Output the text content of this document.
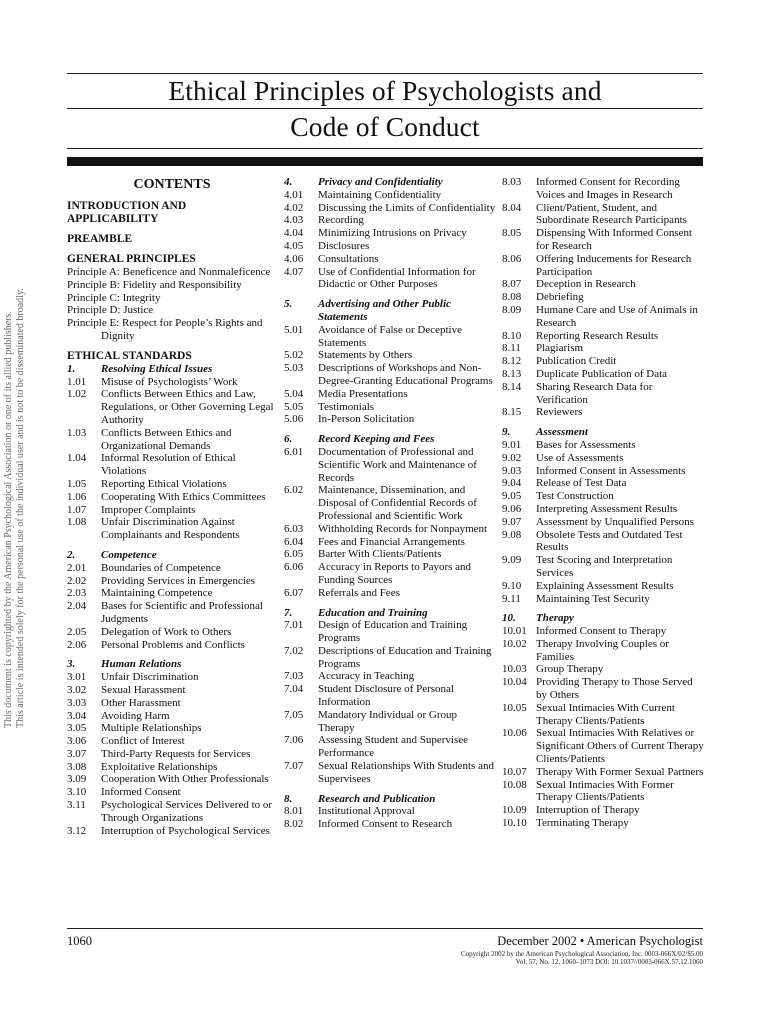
This document is copyrighted by the American Psychological Association or one of its allied publishers. This article is intended solely for the personal use of the individual user and is not to be disseminated broadly.
Ethical Principles of Psychologists and
Code of Conduct
CONTENTS
INTRODUCTION AND APPLICABILITY
PREAMBLE
GENERAL PRINCIPLES
Principle A: Beneficence and Nonmaleficence
Principle B: Fidelity and Responsibility
Principle C: Integrity
Principle D: Justice
Principle E: Respect for People’s Rights and Dignity
ETHICAL STANDARDS
1.	Resolving Ethical Issues
1.01	Misuse of Psychologists’ Work
1.02	Conflicts Between Ethics and Law, Regulations, or Other Governing Legal Authority
1.03	Conflicts Between Ethics and Organizational Demands
1.04	Informal Resolution of Ethical Violations
1.05	Reporting Ethical Violations
1.06	Cooperating With Ethics Committees
1.07	Improper Complaints
1.08	Unfair Discrimination Against Complainants and Respondents
2.	Competence
2.01	Boundaries of Competence
2.02	Providing Services in Emergencies
2.03	Maintaining Competence
2.04	Bases for Scientific and Professional Judgments
2.05	Delegation of Work to Others
2.06	Personal Problems and Conflicts
3.	Human Relations
3.01	Unfair Discrimination
3.02	Sexual Harassment
3.03	Other Harassment
3.04	Avoiding Harm
3.05	Multiple Relationships
3.06	Conflict of Interest
3.07	Third-Party Requests for Services
3.08	Exploitative Relationships
3.09	Cooperation With Other Professionals
3.10	Informed Consent
3.11	Psychological Services Delivered to or Through Organizations
3.12	Interruption of Psychological Services
4.	Privacy and Confidentiality
4.01	Maintaining Confidentiality
4.02	Discussing the Limits of Confidentiality
4.03	Recording
4.04	Minimizing Intrusions on Privacy
4.05	Disclosures
4.06	Consultations
4.07	Use of Confidential Information for Didactic or Other Purposes
5.	Advertising and Other Public Statements
5.01	Avoidance of False or Deceptive Statements
5.02	Statements by Others
5.03	Descriptions of Workshops and Non-Degree-Granting Educational Programs
5.04	Media Presentations
5.05	Testimonials
5.06	In-Person Solicitation
6.	Record Keeping and Fees
6.01	Documentation of Professional and Scientific Work and Maintenance of Records
6.02	Maintenance, Dissemination, and Disposal of Confidential Records of Professional and Scientific Work
6.03	Withholding Records for Nonpayment
6.04	Fees and Financial Arrangements
6.05	Barter With Clients/Patients
6.06	Accuracy in Reports to Payors and Funding Sources
6.07	Referrals and Fees
7.	Education and Training
7.01	Design of Education and Training Programs
7.02	Descriptions of Education and Training Programs
7.03	Accuracy in Teaching
7.04	Student Disclosure of Personal Information
7.05	Mandatory Individual or Group Therapy
7.06	Assessing Student and Supervisee Performance
7.07	Sexual Relationships With Students and Supervisees
8.	Research and Publication
8.01	Institutional Approval
8.02	Informed Consent to Research
8.03	Informed Consent for Recording Voices and Images in Research
8.04	Client/Patient, Student, and Subordinate Research Participants
8.05	Dispensing With Informed Consent for Research
8.06	Offering Inducements for Research Participation
8.07	Deception in Research
8.08	Debriefing
8.09	Humane Care and Use of Animals in Research
8.10	Reporting Research Results
8.11	Plagiarism
8.12	Publication Credit
8.13	Duplicate Publication of Data
8.14	Sharing Research Data for Verification
8.15	Reviewers
9.	Assessment
9.01	Bases for Assessments
9.02	Use of Assessments
9.03	Informed Consent in Assessments
9.04	Release of Test Data
9.05	Test Construction
9.06	Interpreting Assessment Results
9.07	Assessment by Unqualified Persons
9.08	Obsolete Tests and Outdated Test Results
9.09	Test Scoring and Interpretation Services
9.10	Explaining Assessment Results
9.11	Maintaining Test Security
10.	Therapy
10.01 Informed Consent to Therapy
10.02 Therapy Involving Couples or Families
10.03 Group Therapy
10.04 Providing Therapy to Those Served by Others
10.05 Sexual Intimacies With Current Therapy Clients/Patients
10.06 Sexual Intimacies With Relatives or Significant Others of Current Therapy Clients/Patients
10.07 Therapy With Former Sexual Partners
10.08 Sexual Intimacies With Former Therapy Clients/Patients
10.09 Interruption of Therapy
10.10 Terminating Therapy
1060	December 2002 • American Psychologist
Copyright 2002 by the American Psychological Association, Inc. 0003-066X/02/$5.00
Vol. 57, No. 12, 1060–1073 DOI: 10.1037//0003-066X.57.12.1060
